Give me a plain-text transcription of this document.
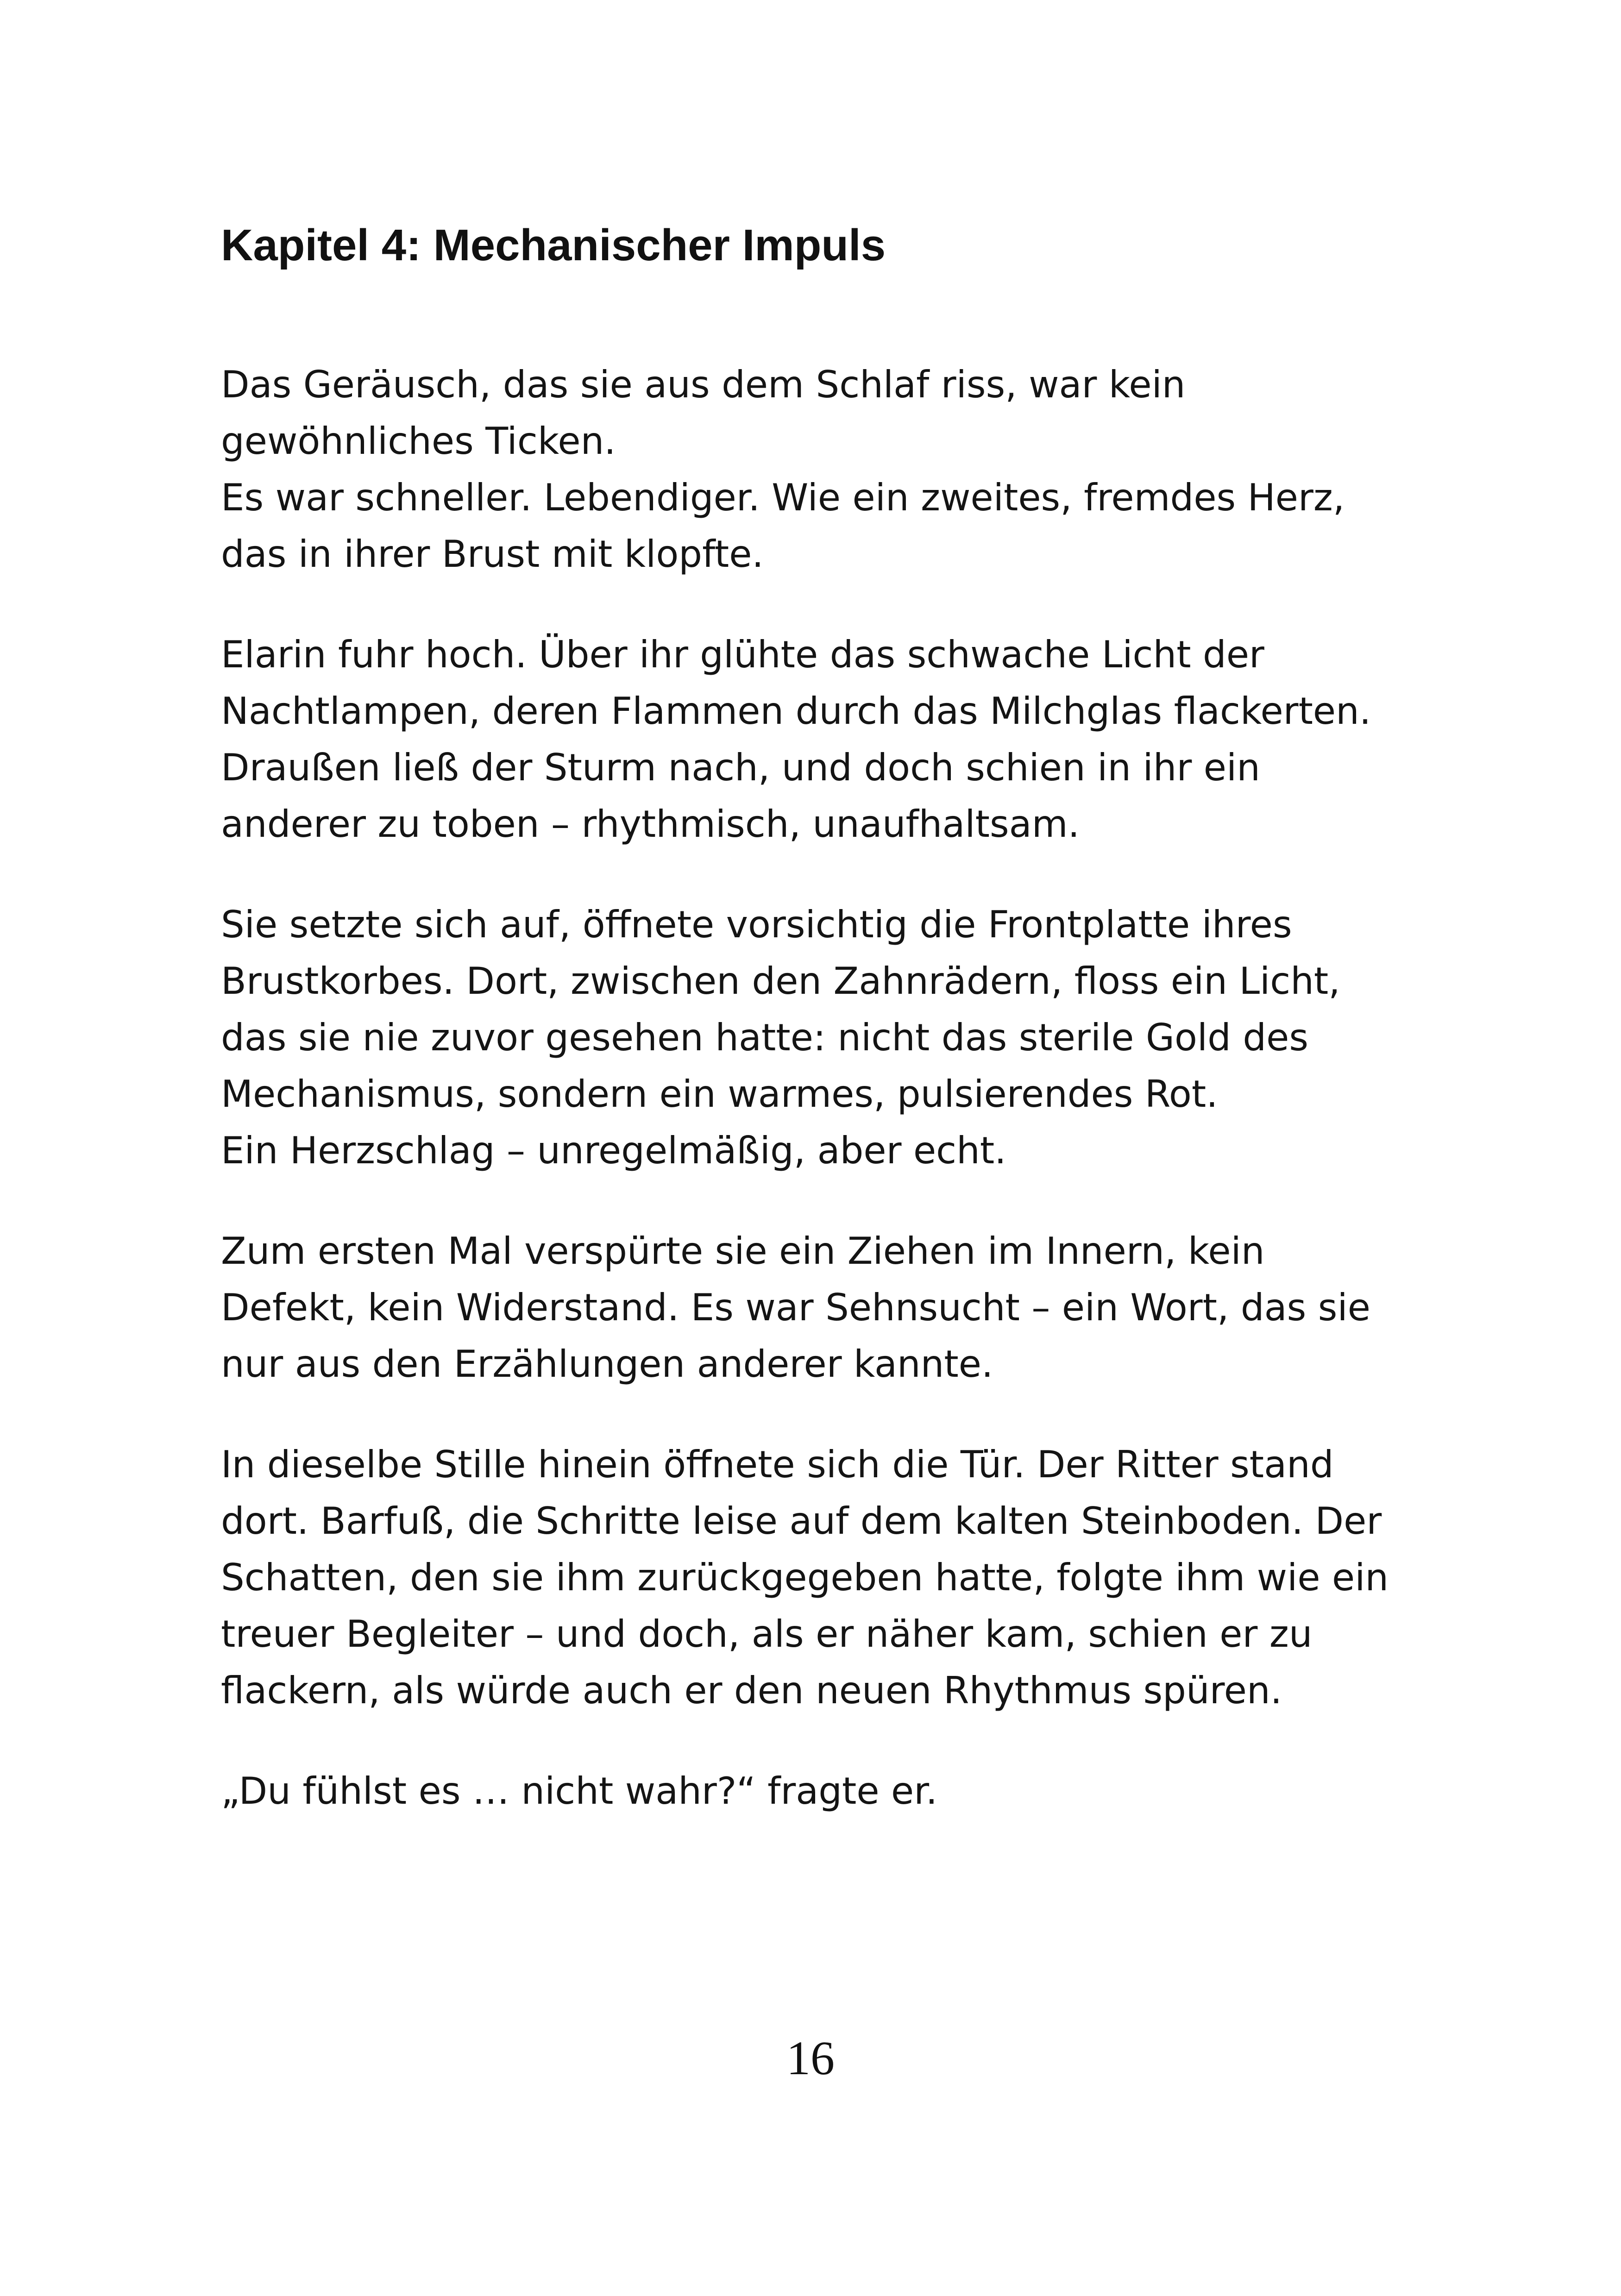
Kapitel 4: Mechanischer Impuls

Das Geräusch, das sie aus dem Schlaf riss, war kein
gewöhnliches Ticken.
Es war schneller. Lebendiger. Wie ein zweites, fremdes Herz,
das in ihrer Brust mit klopfte.

Elarin fuhr hoch. Über ihr glühte das schwache Licht der
Nachtlampen, deren Flammen durch das Milchglas flackerten.
Draußen ließ der Sturm nach, und doch schien in ihr ein
anderer zu toben – rhythmisch, unaufhaltsam.

Sie setzte sich auf, öffnete vorsichtig die Frontplatte ihres
Brustkorbes. Dort, zwischen den Zahnrädern, floss ein Licht,
das sie nie zuvor gesehen hatte: nicht das sterile Gold des
Mechanismus, sondern ein warmes, pulsierendes Rot.
Ein Herzschlag – unregelmäßig, aber echt.

Zum ersten Mal verspürte sie ein Ziehen im Innern, kein
Defekt, kein Widerstand. Es war Sehnsucht – ein Wort, das sie
nur aus den Erzählungen anderer kannte.

In dieselbe Stille hinein öffnete sich die Tür. Der Ritter stand
dort. Barfuß, die Schritte leise auf dem kalten Steinboden. Der
Schatten, den sie ihm zurückgegeben hatte, folgte ihm wie ein
treuer Begleiter – und doch, als er näher kam, schien er zu
flackern, als würde auch er den neuen Rhythmus spüren.

„Du fühlst es … nicht wahr?“ fragte er.

16
